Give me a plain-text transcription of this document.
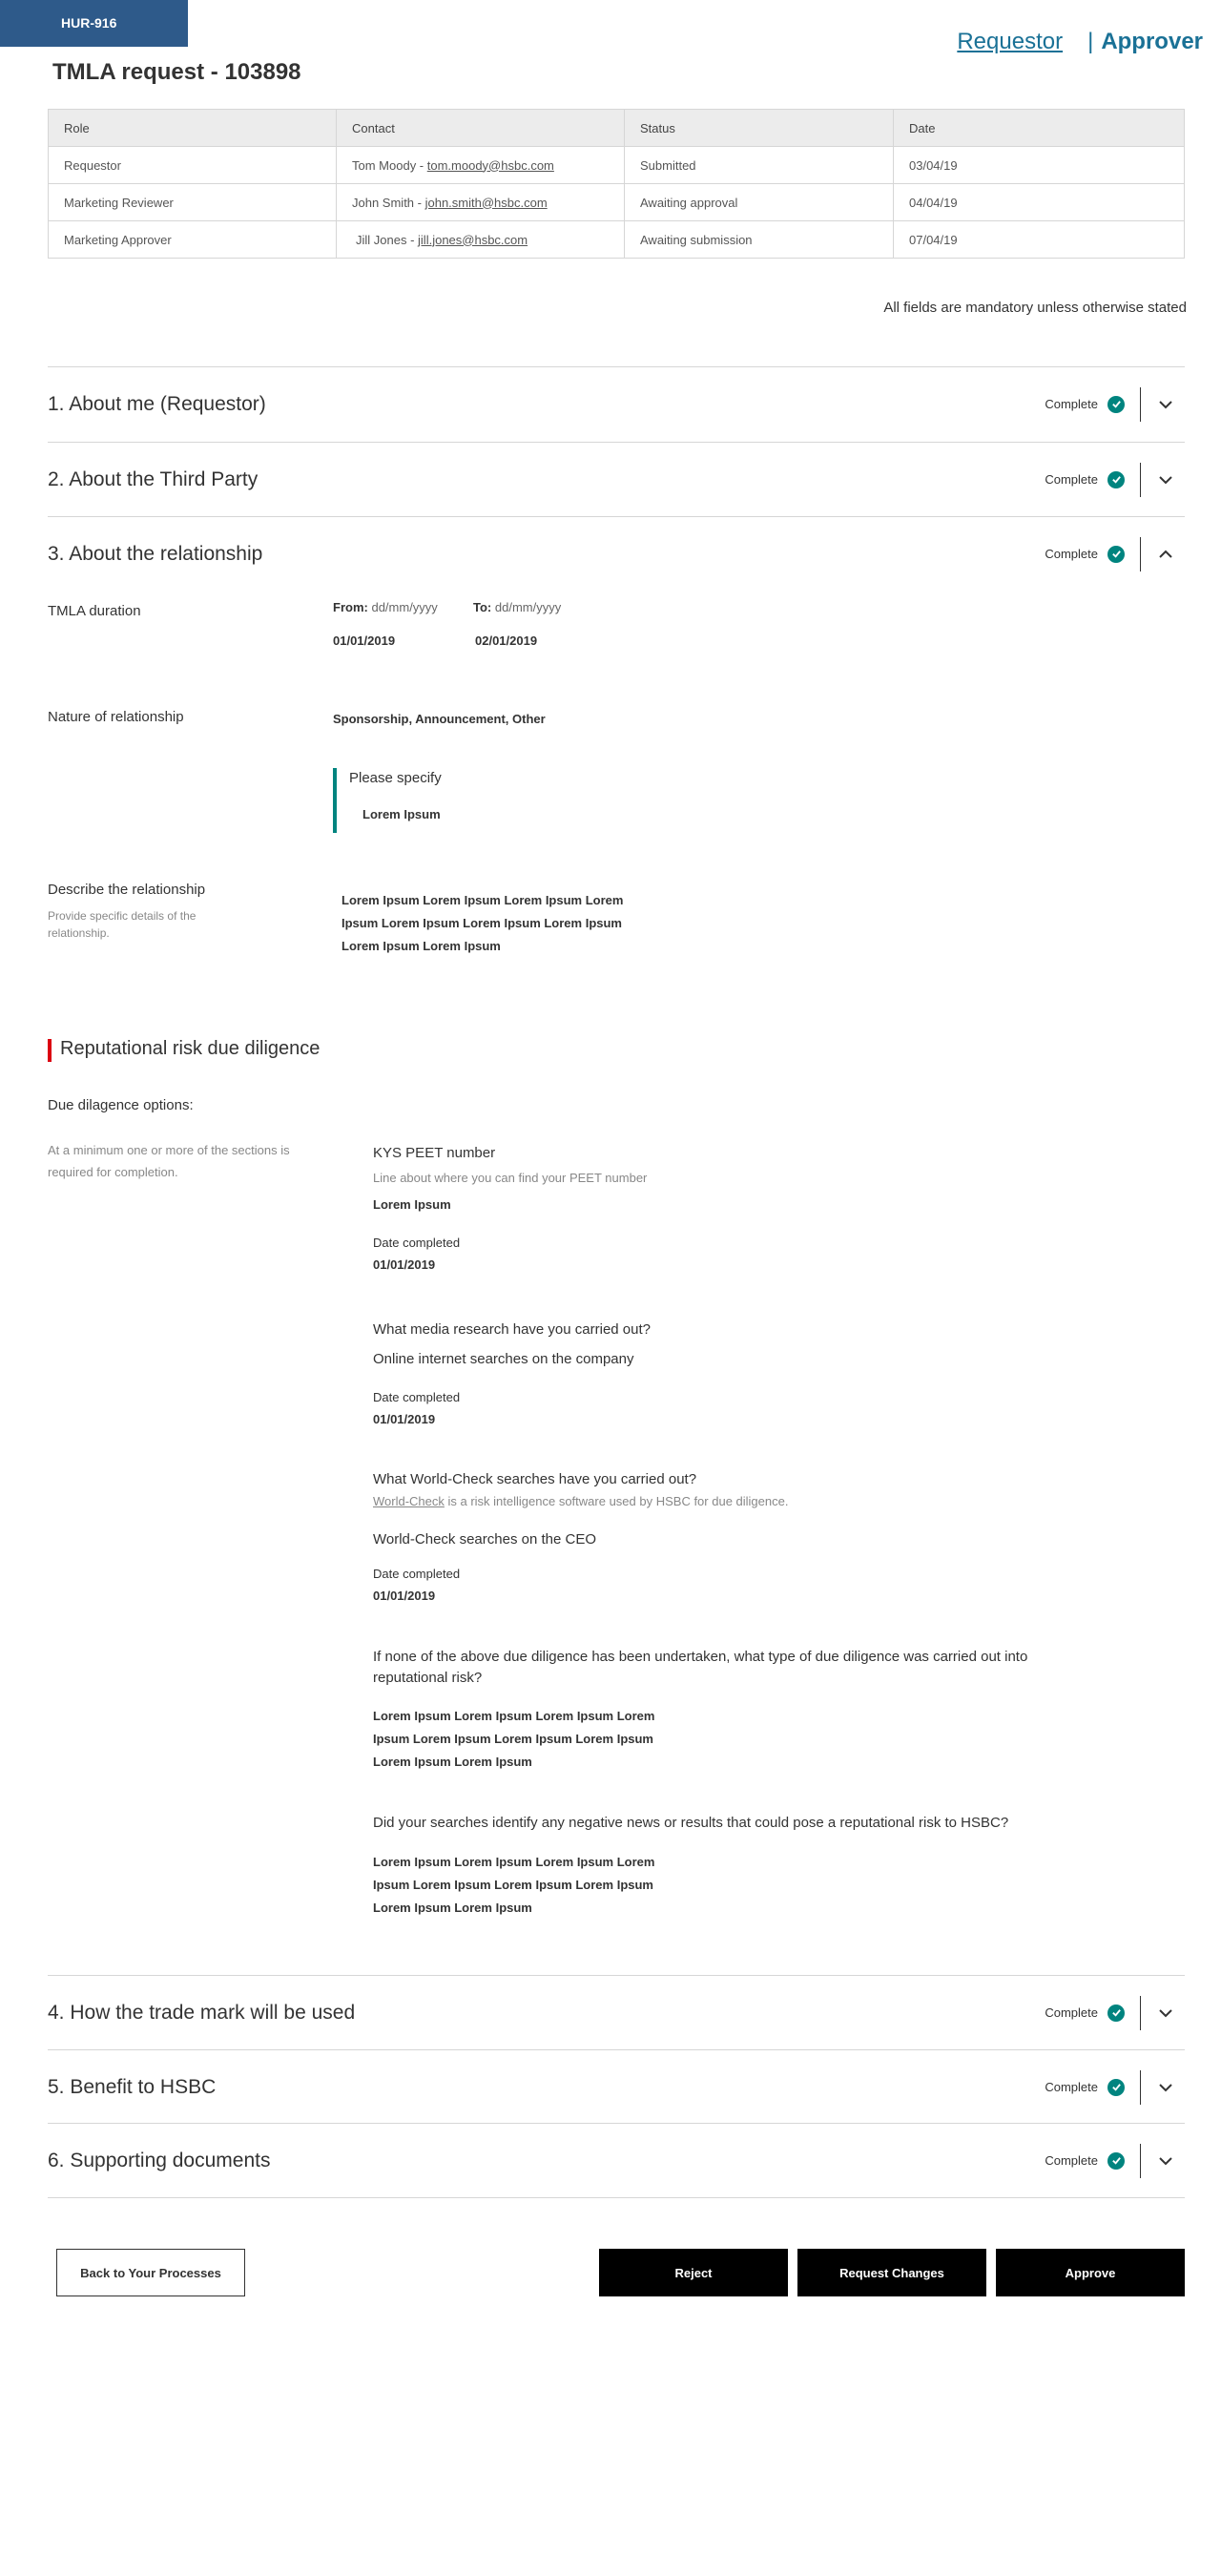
HUR-916
Requestor | Approver
TMLA request - 103898
Role	Contact	Status	Date
Requestor	Tom Moody - tom.moody@hsbc.com	Submitted	03/04/19
Marketing Reviewer	John Smith - john.smith@hsbc.com	Awaiting approval	04/04/19
Marketing Approver	Jill Jones - jill.jones@hsbc.com	Awaiting submission	07/04/19
All fields are mandatory unless otherwise stated
1. About me (Requestor)	Complete
2. About the Third Party	Complete
3. About the relationship	Complete
TMLA duration	From: dd/mm/yyyy	To: dd/mm/yyyy
01/01/2019	02/01/2019
Nature of relationship	Sponsorship, Announcement, Other
Please specify
Lorem Ipsum
Describe the relationship
Provide specific details of the relationship.
Lorem Ipsum Lorem Ipsum Lorem Ipsum Lorem
Ipsum Lorem Ipsum Lorem Ipsum Lorem Ipsum
Lorem Ipsum Lorem Ipsum
Reputational risk due diligence
Due dilagence options:
At a minimum one or more of the sections is required for completion.
KYS PEET number
Line about where you can find your PEET number
Lorem Ipsum
Date completed
01/01/2019
What media research have you carried out?
Online internet searches on the company
Date completed
01/01/2019
What World-Check searches have you carried out?
World-Check is a risk intelligence software used by HSBC for due diligence.
World-Check searches on the CEO
Date completed
01/01/2019
If none of the above due diligence has been undertaken, what type of due diligence was carried out into reputational risk?
Lorem Ipsum Lorem Ipsum Lorem Ipsum Lorem
Ipsum Lorem Ipsum Lorem Ipsum Lorem Ipsum
Lorem Ipsum Lorem Ipsum
Did your searches identify any negative news or results that could pose a reputational risk to HSBC?
Lorem Ipsum Lorem Ipsum Lorem Ipsum Lorem
Ipsum Lorem Ipsum Lorem Ipsum Lorem Ipsum
Lorem Ipsum Lorem Ipsum
4. How the trade mark will be used	Complete
5. Benefit to HSBC	Complete
6. Supporting documents	Complete
Back to Your Processes	Reject	Request Changes	Approve
